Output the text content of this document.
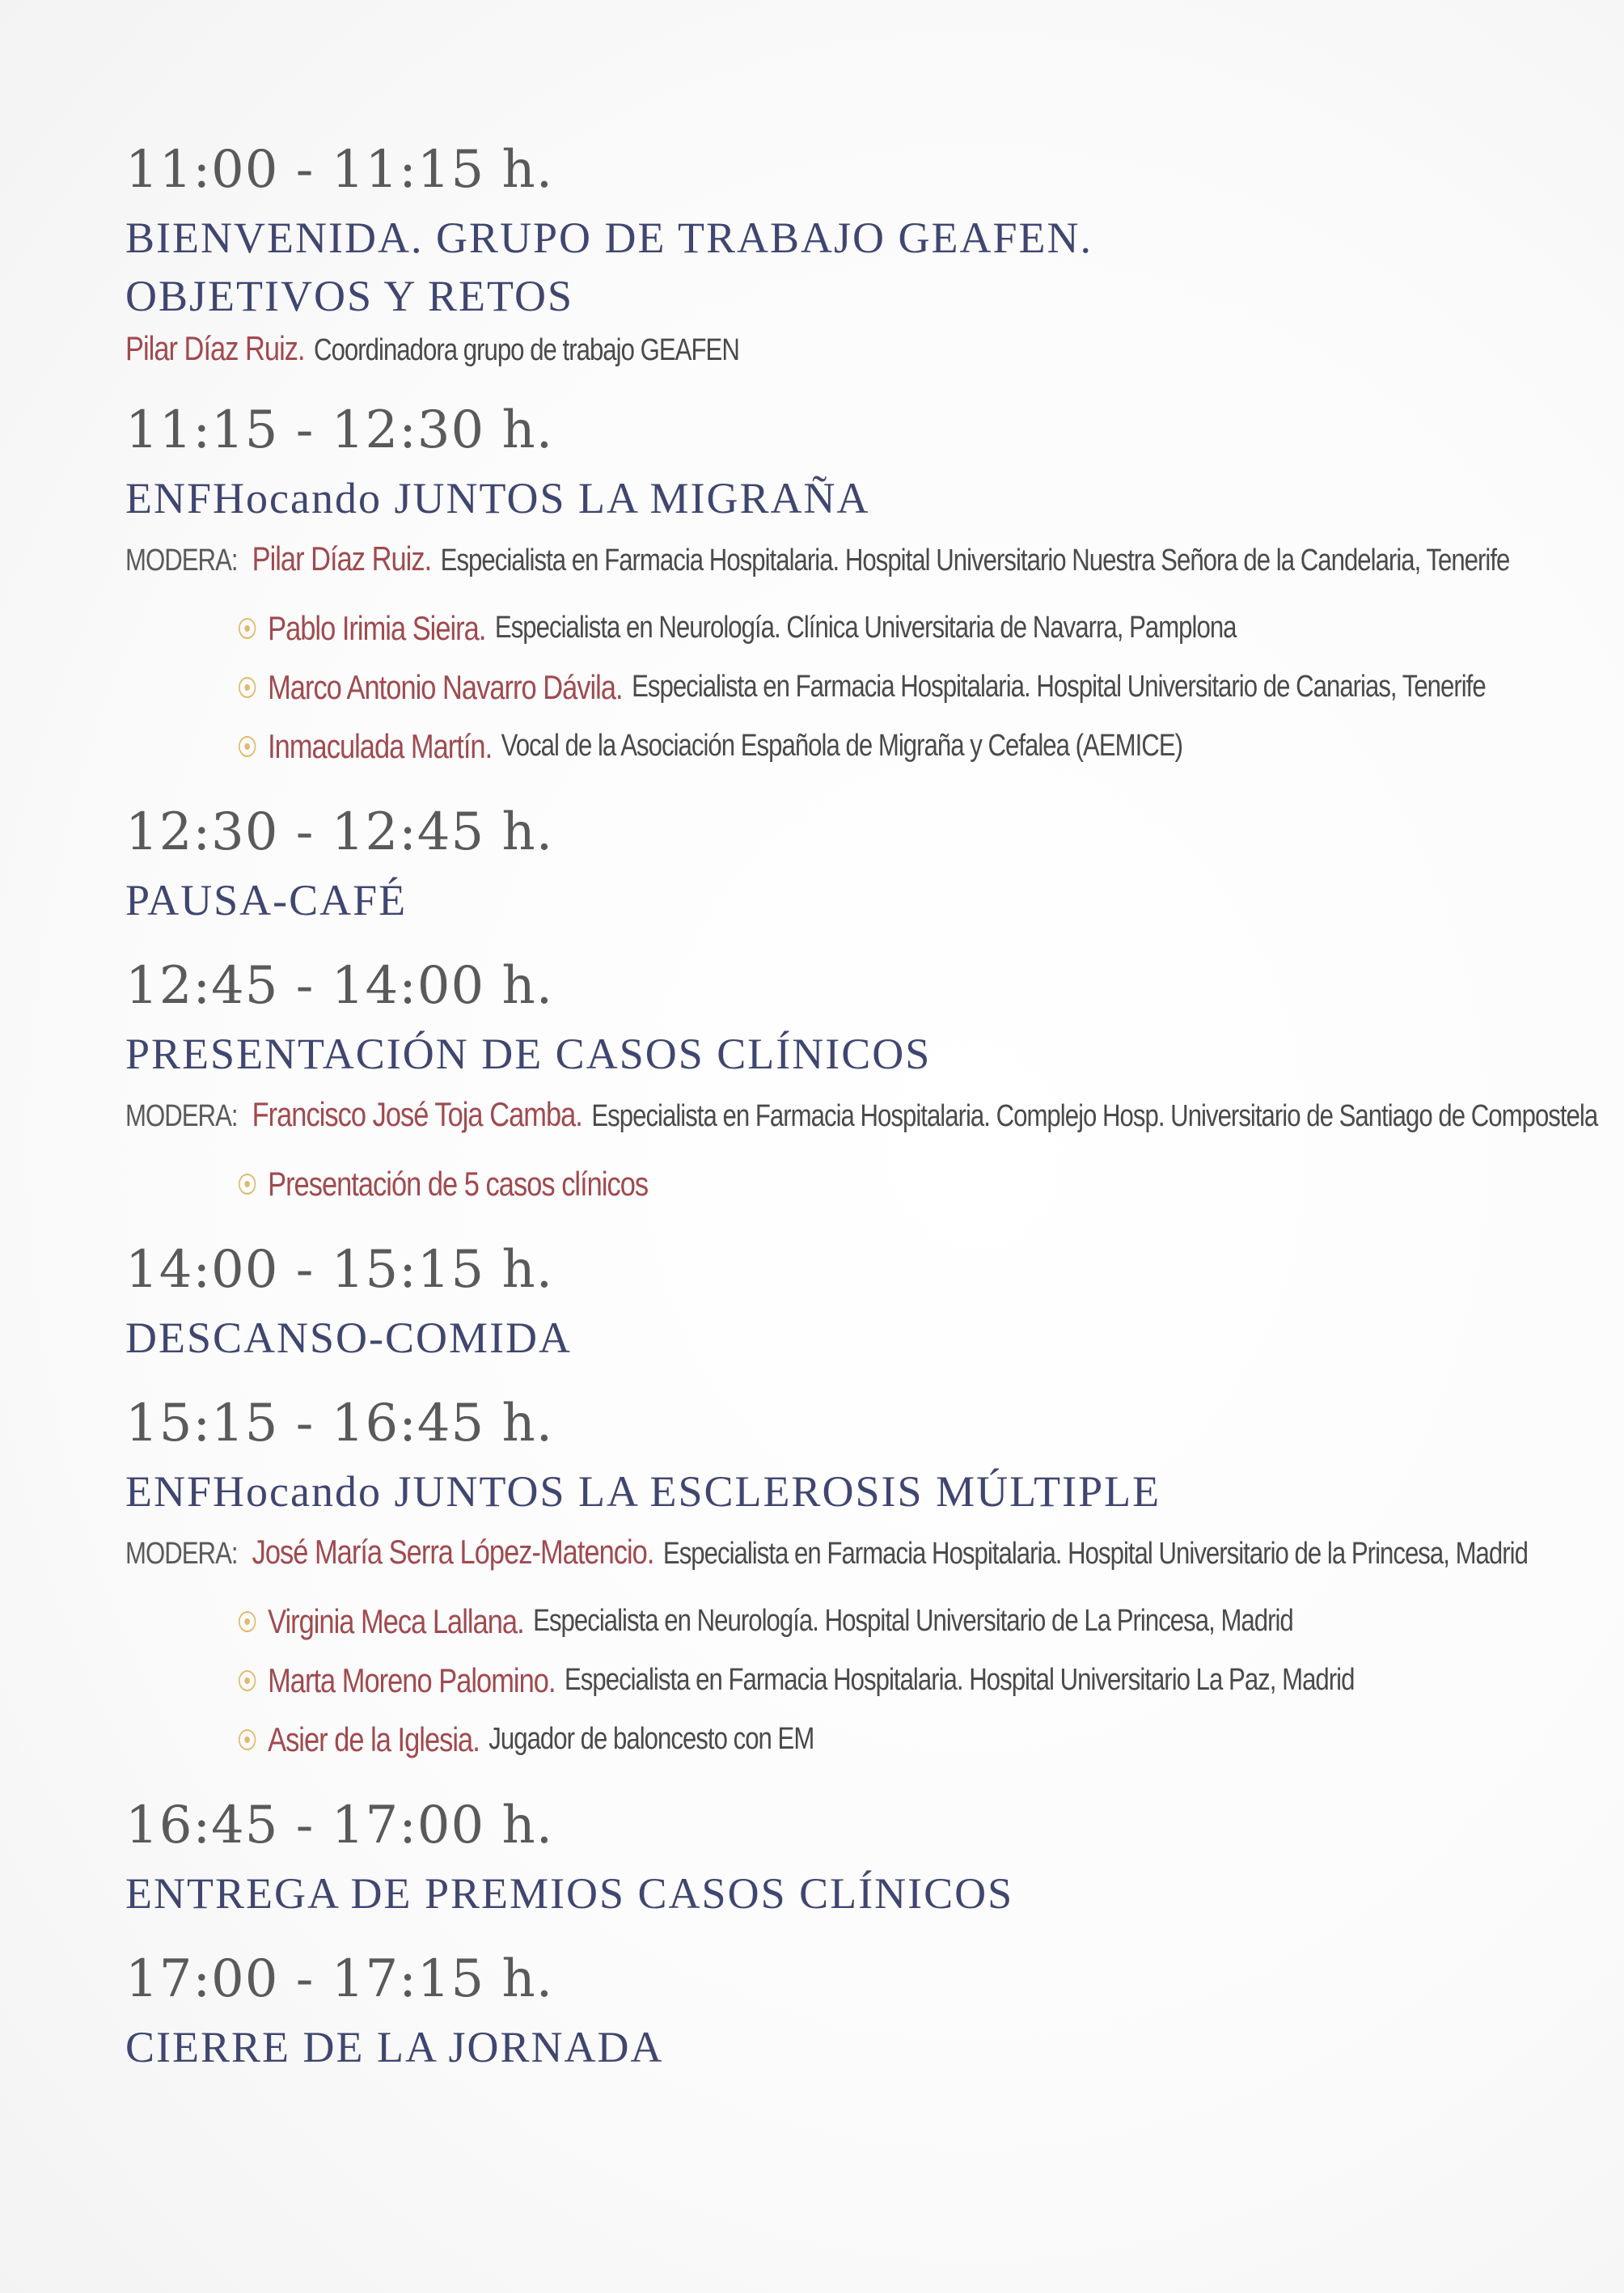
11:00 - 11:15 h.
BIENVENIDA. GRUPO DE TRABAJO GEAFEN.
OBJETIVOS Y RETOS
Pilar Díaz Ruiz. Coordinadora grupo de trabajo GEAFEN
11:15 - 12:30 h.
ENFHocando JUNTOS LA MIGRAÑA
MODERA: Pilar Díaz Ruiz. Especialista en Farmacia Hospitalaria. Hospital Universitario Nuestra Señora de la Candelaria, Tenerife
Pablo Irimia Sieira. Especialista en Neurología. Clínica Universitaria de Navarra, Pamplona
Marco Antonio Navarro Dávila. Especialista en Farmacia Hospitalaria. Hospital Universitario de Canarias, Tenerife
Inmaculada Martín. Vocal de la Asociación Española de Migraña y Cefalea (AEMICE)
12:30 - 12:45 h.
PAUSA-CAFÉ
12:45 - 14:00 h.
PRESENTACIÓN DE CASOS CLÍNICOS
MODERA: Francisco José Toja Camba. Especialista en Farmacia Hospitalaria. Complejo Hosp. Universitario de Santiago de Compostela
Presentación de 5 casos clínicos
14:00 - 15:15 h.
DESCANSO-COMIDA
15:15 - 16:45 h.
ENFHocando JUNTOS LA ESCLEROSIS MÚLTIPLE
MODERA: José María Serra López-Matencio. Especialista en Farmacia Hospitalaria. Hospital Universitario de la Princesa, Madrid
Virginia Meca Lallana. Especialista en Neurología. Hospital Universitario de La Princesa, Madrid
Marta Moreno Palomino. Especialista en Farmacia Hospitalaria. Hospital Universitario La Paz, Madrid
Asier de la Iglesia. Jugador de baloncesto con EM
16:45 - 17:00 h.
ENTREGA DE PREMIOS CASOS CLÍNICOS
17:00 - 17:15 h.
CIERRE DE LA JORNADA
